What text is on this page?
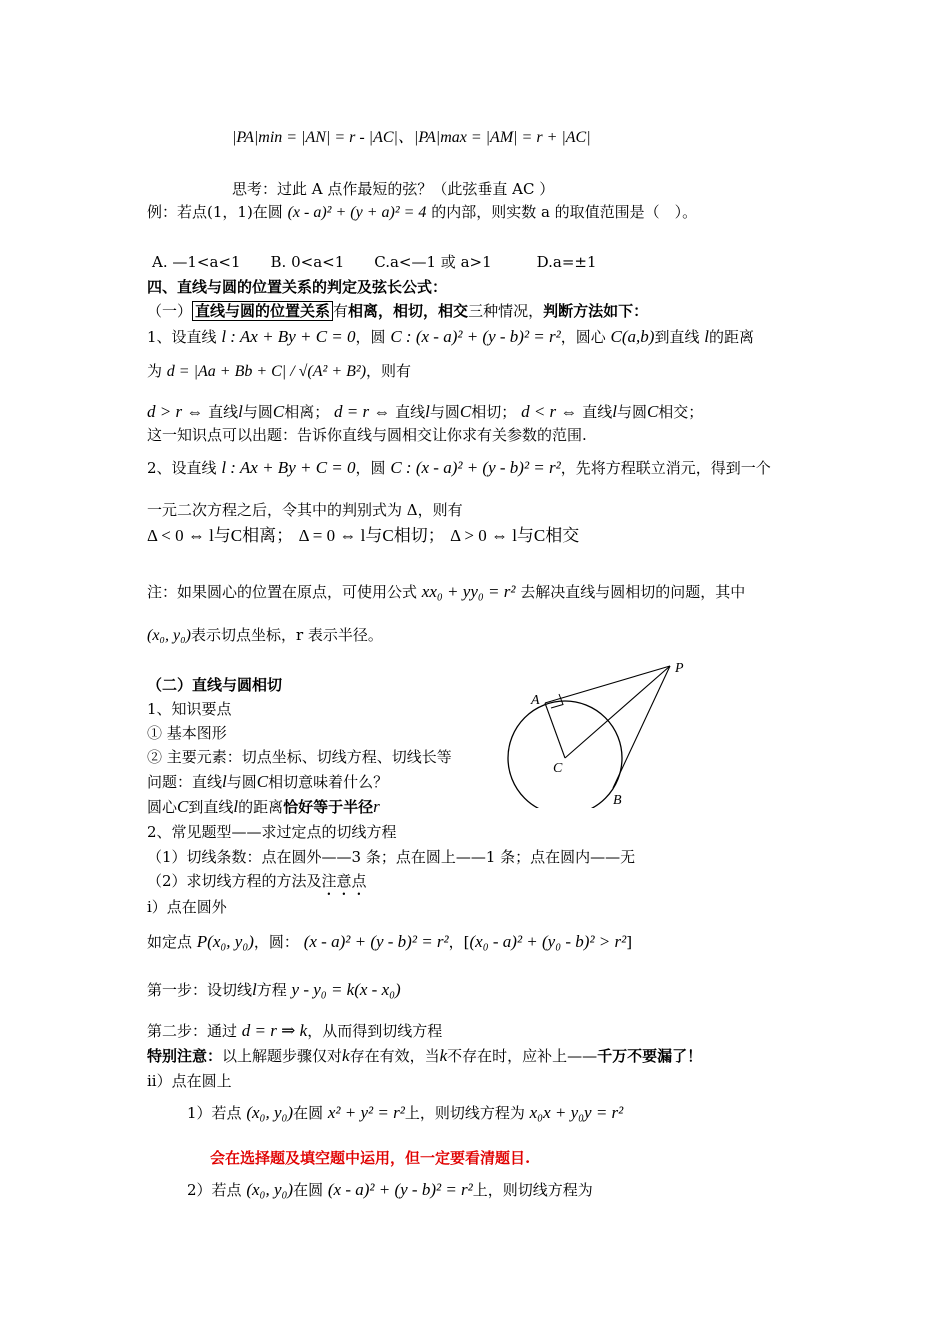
|PA|min = |AN| = r - |AC|、|PA|max = |AM| = r + |AC|
思考：过此 A 点作最短的弦？（此弦垂直 AC ）
例：若点(1，1)在圆 (x - a)² + (y + a)² = 4 的内部，则实数 a 的取值范围是（　）。
A. —1<a<1　　B. 0<a<1　　C.a<—1 或 a>1　　　D.a=±1
四、直线与圆的位置关系的判定及弦长公式：
（一） 直线与圆的位置关系 有相离，相切，相交三种情况，判断方法如下：
1、设直线 l : Ax + By + C = 0，圆 C : (x - a)² + (y - b)² = r²，圆心 C(a,b)到直线 l的距离
为 d = |Aa + Bb + C| / √(A² + B²)，则有
d > r ⇔ 直线l与圆C相离； d = r ⇔ 直线l与圆C相切； d < r ⇔ 直线l与圆C相交；
这一知识点可以出题：告诉你直线与圆相交让你求有关参数的范围.
2、设直线 l : Ax + By + C = 0，圆 C : (x - a)² + (y - b)² = r²，先将方程联立消元，得到一个
一元二次方程之后，令其中的判别式为 Δ，则有
Δ < 0 ⇔ l与C相离； Δ = 0 ⇔ l与C相切； Δ > 0 ⇔ l与C相交
注：如果圆心的位置在原点，可使用公式 xx₀ + yy₀ = r² 去解决直线与圆相切的问题，其中
(x₀, y₀)表示切点坐标，r 表示半径。
（二）直线与圆相切
1、知识要点
① 基本图形
② 主要元素：切点坐标、切线方程、切线长等
问题：直线l与圆C相切意味着什么？
圆心C到直线l的距离恰好等于半径r
2、常见题型——求过定点的切线方程
（1）切线条数：点在圆外——3 条；点在圆上——1 条；点在圆内——无
（2）求切线方程的方法及注意点
i）点在圆外
如定点 P(x₀, y₀)，圆： (x - a)² + (y - b)² = r²，[(x₀ - a)² + (y₀ - b)² > r²]
第一步：设切线l方程 y - y₀ = k(x - x₀)
第二步：通过 d = r ⇒ k，从而得到切线方程
特别注意：以上解题步骤仅对k存在有效，当k不存在时，应补上——千万不要漏了！
ii）点在圆上
1）若点 (x₀, y₀)在圆 x² + y² = r²上，则切线方程为 x₀x + y₀y = r²
会在选择题及填空题中运用，但一定要看清题目.
2）若点 (x₀, y₀)在圆 (x - a)² + (y - b)² = r²上，则切线方程为
P
A
C
B
